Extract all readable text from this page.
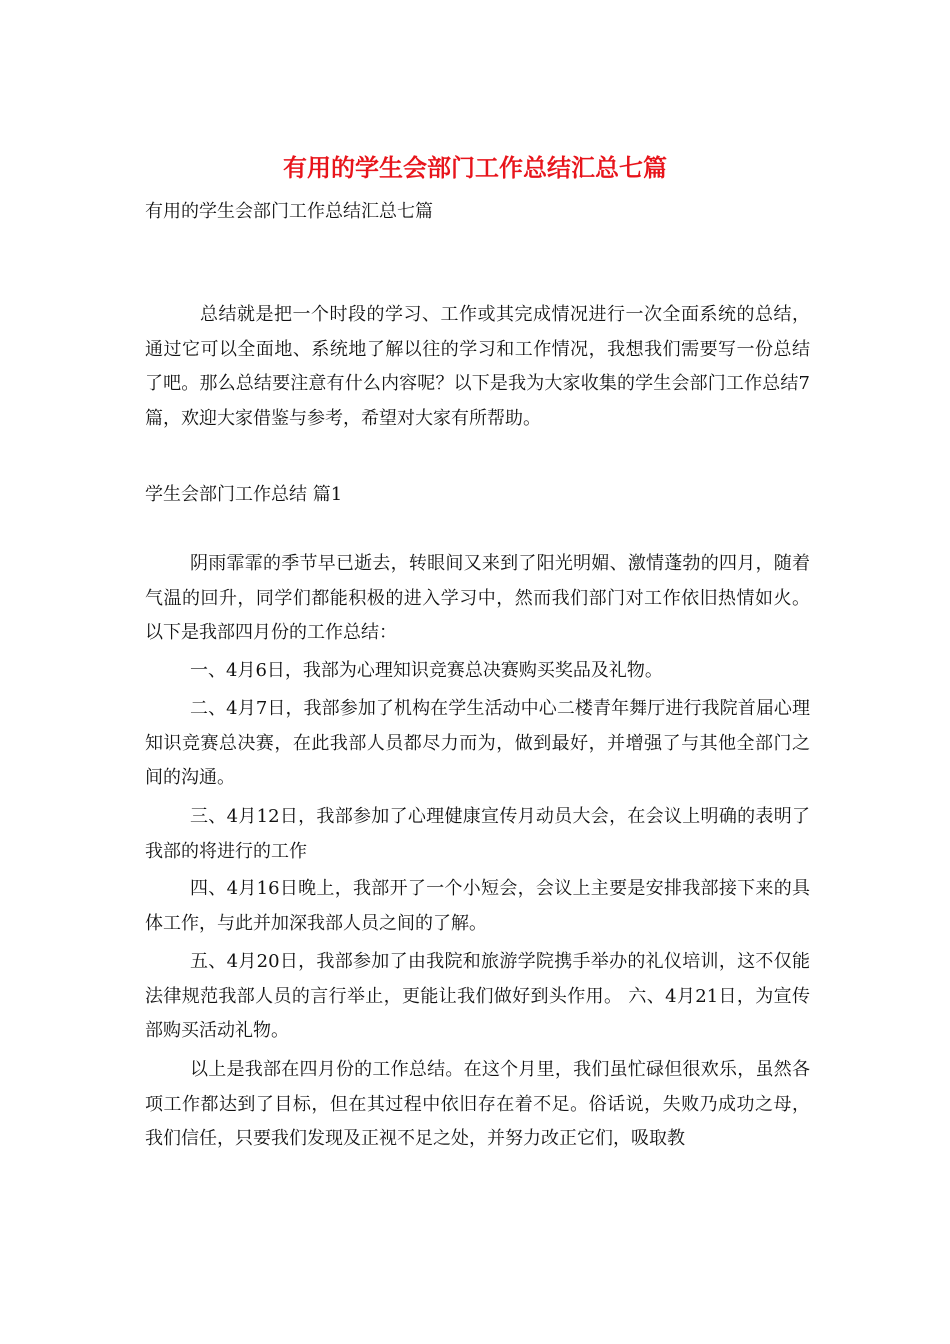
有用的学生会部门工作总结汇总七篇
有用的学生会部门工作总结汇总七篇

总结就是把一个时段的学习、工作或其完成情况进行一次全面系统的总结，通过它可以全面地、系统地了解以往的学习和工作情况，我想我们需要写一份总结了吧。那么总结要注意有什么内容呢？以下是我为大家收集的学生会部门工作总结7篇，欢迎大家借鉴与参考，希望对大家有所帮助。

学生会部门工作总结 篇1

阴雨霏霏的季节早已逝去，转眼间又来到了阳光明媚、激情蓬勃的四月，随着气温的回升，同学们都能积极的进入学习中，然而我们部门对工作依旧热情如火。以下是我部四月份的工作总结：

一、4月6日，我部为心理知识竞赛总决赛购买奖品及礼物。

二、4月7日，我部参加了机构在学生活动中心二楼青年舞厅进行我院首届心理知识竞赛总决赛，在此我部人员都尽力而为，做到最好，并增强了与其他全部门之间的沟通。

三、4月12日，我部参加了心理健康宣传月动员大会，在会议上明确的表明了我部的将进行的工作

四、4月16日晚上，我部开了一个小短会，会议上主要是安排我部接下来的具体工作，与此并加深我部人员之间的了解。

五、4月20日，我部参加了由我院和旅游学院携手举办的礼仪培训，这不仅能法律规范我部人员的言行举止，更能让我们做好到头作用。 六、4月21日，为宣传部购买活动礼物。

以上是我部在四月份的工作总结。在这个月里，我们虽忙碌但很欢乐，虽然各项工作都达到了目标，但在其过程中依旧存在着不足。俗话说，失败乃成功之母，我们信任，只要我们发现及正视不足之处，并努力改正它们，吸取教
